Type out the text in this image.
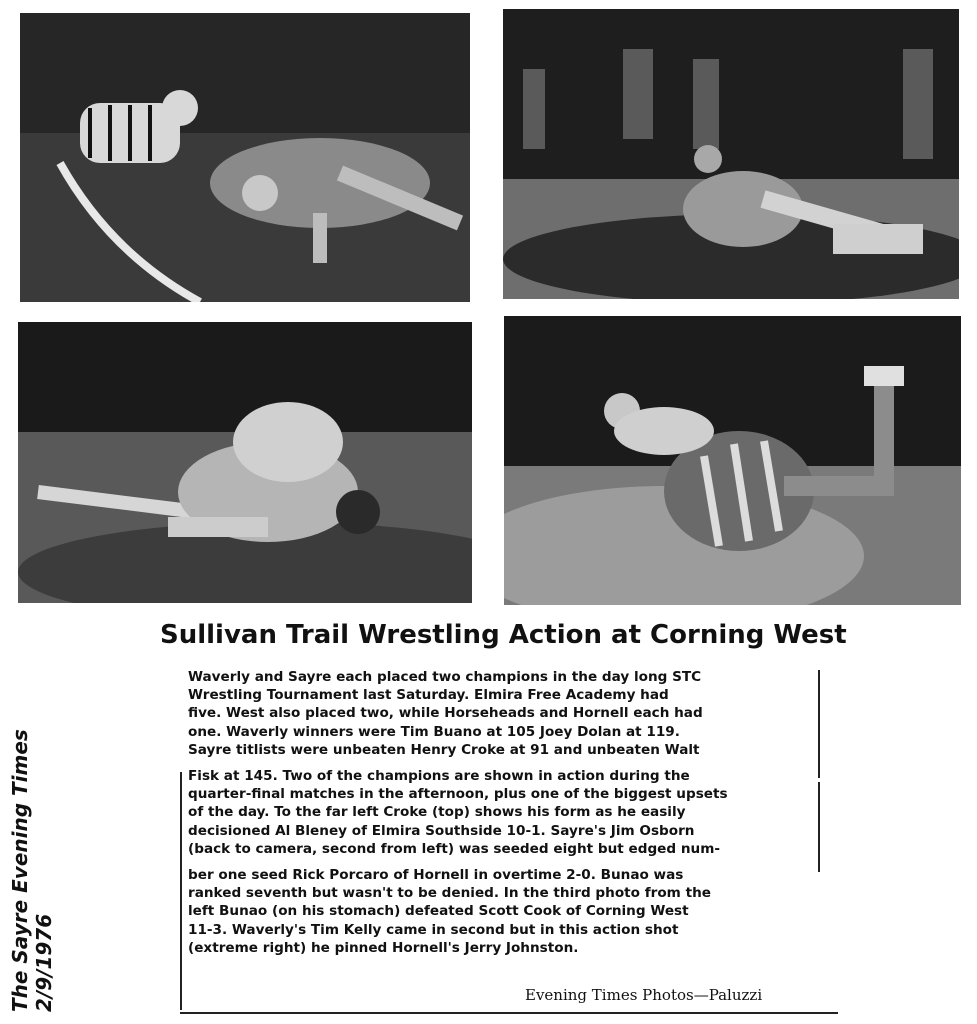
Sullivan Trail Wrestling Action at Corning West
Waverly and Sayre each placed two champions in the day long STC
Wrestling Tournament last Saturday. Elmira Free Academy had
five. West also placed two, while Horseheads and Hornell each had
one. Waverly winners were Tim Buano at 105 Joey Dolan at 119.
Sayre titlists were unbeaten Henry Croke at 91 and unbeaten Walt
Fisk at 145. Two of the champions are shown in action during the
quarter-final matches in the afternoon, plus one of the biggest upsets
of the day. To the far left Croke (top) shows his form as he easily
decisioned Al Bleney of Elmira Southside 10-1. Sayre's Jim Osborn
(back to camera, second from left) was seeded eight but edged num-
ber one seed Rick Porcaro of Hornell in overtime 2-0. Bunao was
ranked seventh but wasn't to be denied. In the third photo from the
left Bunao (on his stomach) defeated Scott Cook of Corning West
11-3. Waverly's Tim Kelly came in second but in this action shot
(extreme right) he pinned Hornell's Jerry Johnston.
Evening Times Photos—Paluzzi
The Sayre Evening Times 2/9/1976
